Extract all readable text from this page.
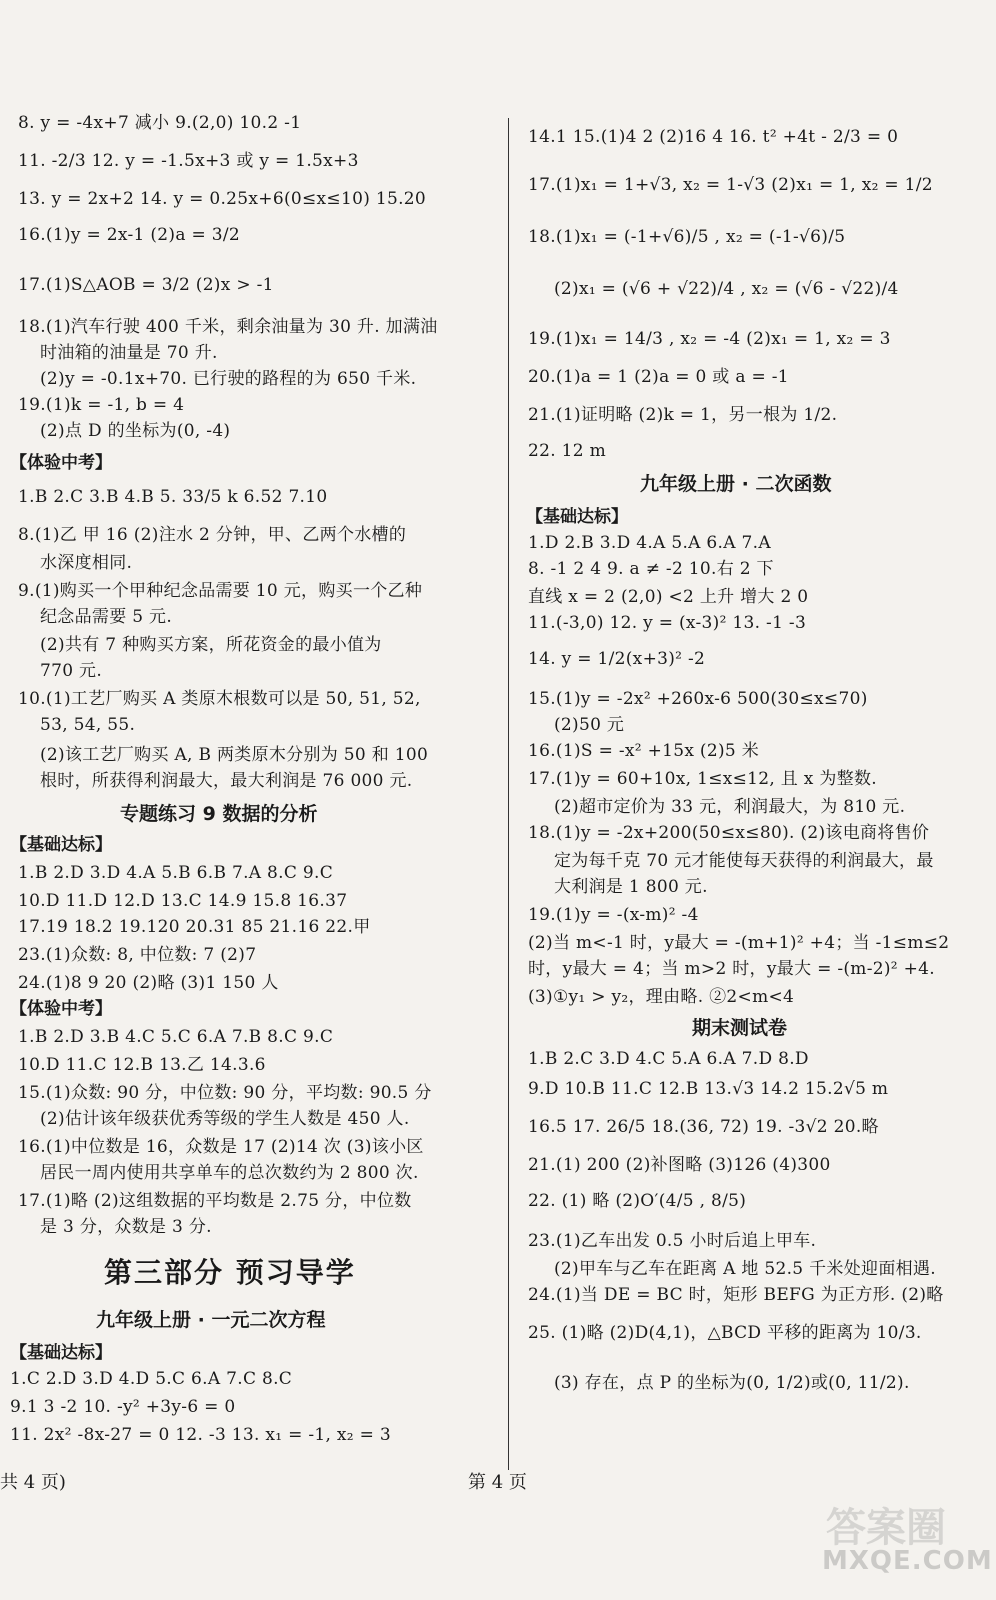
8. y = -4x+7 减小 9.(2,0) 10.2 -1
11. -2/3 12. y = -1.5x+3 或 y = 1.5x+3
13. y = 2x+2 14. y = 0.25x+6(0≤x≤10) 15.20
16.(1)y = 2x-1 (2)a = 3/2
17.(1)S△AOB = 3/2 (2)x > -1
18.(1)汽车行驶 400 千米，剩余油量为 30 升. 加满油
时油箱的油量是 70 升.
(2)y = -0.1x+70. 已行驶的路程的为 650 千米.
19.(1)k = -1, b = 4
(2)点 D 的坐标为(0, -4)
【体验中考】
1.B 2.C 3.B 4.B 5. 33/5 k 6.52 7.10
8.(1)乙 甲 16 (2)注水 2 分钟，甲、乙两个水槽的
水深度相同.
9.(1)购买一个甲种纪念品需要 10 元，购买一个乙种
纪念品需要 5 元.
(2)共有 7 种购买方案，所花资金的最小值为
770 元.
10.(1)工艺厂购买 A 类原木根数可以是 50, 51, 52,
53, 54, 55.
(2)该工艺厂购买 A, B 两类原木分别为 50 和 100
根时，所获得利润最大，最大利润是 76 000 元.
专题练习 9 数据的分析
【基础达标】
1.B 2.D 3.D 4.A 5.B 6.B 7.A 8.C 9.C
10.D 11.D 12.D 13.C 14.9 15.8 16.37
17.19 18.2 19.120 20.31 85 21.16 22.甲
23.(1)众数: 8, 中位数: 7 (2)7
24.(1)8 9 20 (2)略 (3)1 150 人
【体验中考】
1.B 2.D 3.B 4.C 5.C 6.A 7.B 8.C 9.C
10.D 11.C 12.B 13.乙 14.3.6
15.(1)众数: 90 分，中位数: 90 分，平均数: 90.5 分
(2)估计该年级获优秀等级的学生人数是 450 人.
16.(1)中位数是 16，众数是 17 (2)14 次 (3)该小区
居民一周内使用共享单车的总次数约为 2 800 次.
17.(1)略 (2)这组数据的平均数是 2.75 分，中位数
是 3 分，众数是 3 分.
第三部分 预习导学
九年级上册 · 一元二次方程
【基础达标】
1.C 2.D 3.D 4.D 5.C 6.A 7.C 8.C
9.1 3 -2 10. -y² +3y-6 = 0
11. 2x² -8x-27 = 0 12. -3 13. x₁ = -1, x₂ = 3
14.1 15.(1)4 2 (2)16 4 16. t² +4t - 2/3 = 0
17.(1)x₁ = 1+√3, x₂ = 1-√3 (2)x₁ = 1, x₂ = 1/2
18.(1)x₁ = (-1+√6)/5 , x₂ = (-1-√6)/5
(2)x₁ = (√6 + √22)/4 , x₂ = (√6 - √22)/4
19.(1)x₁ = 14/3 , x₂ = -4 (2)x₁ = 1, x₂ = 3
20.(1)a = 1 (2)a = 0 或 a = -1
21.(1)证明略 (2)k = 1，另一根为 1/2.
22. 12 m
九年级上册 · 二次函数
【基础达标】
1.D 2.B 3.D 4.A 5.A 6.A 7.A
8. -1 2 4 9. a ≠ -2 10.右 2 下
直线 x = 2 (2,0) <2 上升 增大 2 0
11.(-3,0) 12. y = (x-3)² 13. -1 -3
14. y = 1/2(x+3)² -2
15.(1)y = -2x² +260x-6 500(30≤x≤70)
(2)50 元
16.(1)S = -x² +15x (2)5 米
17.(1)y = 60+10x, 1≤x≤12, 且 x 为整数.
(2)超市定价为 33 元，利润最大，为 810 元.
18.(1)y = -2x+200(50≤x≤80). (2)该电商将售价
定为每千克 70 元才能使每天获得的利润最大，最
大利润是 1 800 元.
19.(1)y = -(x-m)² -4
(2)当 m<-1 时，y最大 = -(m+1)² +4；当 -1≤m≤2
时，y最大 = 4；当 m>2 时，y最大 = -(m-2)² +4.
(3)①y₁ > y₂，理由略. ②2<m<4
期末测试卷
1.B 2.C 3.D 4.C 5.A 6.A 7.D 8.D
9.D 10.B 11.C 12.B 13.√3 14.2 15.2√5 m
16.5 17. 26/5 18.(36, 72) 19. -3√2 20.略
21.(1) 200 (2)补图略 (3)126 (4)300
22. (1) 略 (2)O′(4/5 , 8/5)
23.(1)乙车出发 0.5 小时后追上甲车.
(2)甲车与乙车在距离 A 地 52.5 千米处迎面相遇.
24.(1)当 DE = BC 时，矩形 BEFG 为正方形. (2)略
25. (1)略 (2)D(4,1)，△BCD 平移的距离为 10/3.
(3) 存在，点 P 的坐标为(0, 1/2)或(0, 11/2).
共 4 页)	第 4 页
答案圈
MXQE.COM
